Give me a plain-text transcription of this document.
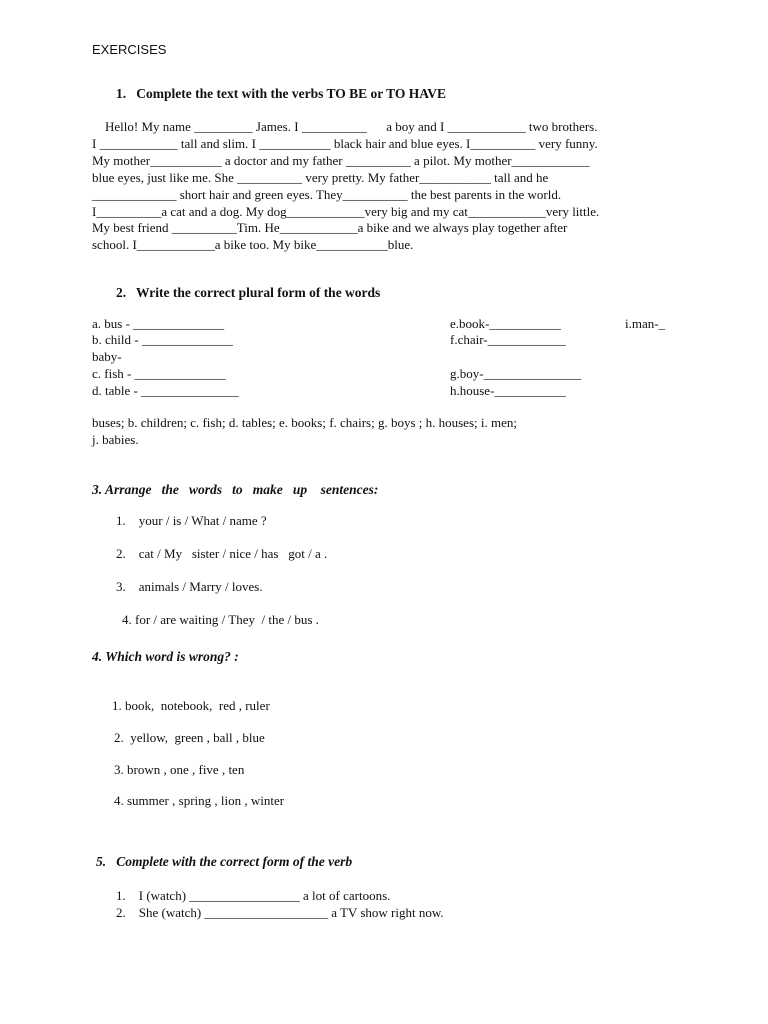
EXERCISES
1.   Complete the text with the verbs TO BE or TO HAVE
Hello! My name _________ James. I __________      a boy and I ____________ two brothers.
I ____________ tall and slim. I ___________ black hair and blue eyes. I__________ very funny.
My mother___________ a doctor and my father __________ a pilot. My mother____________
blue eyes, just like me. She __________ very pretty. My father___________ tall and he
_____________ short hair and green eyes. They__________ the best parents in the world.
I__________a cat and a dog. My dog____________very big and my cat____________very little.
My best friend __________Tim. He____________a bike and we always play together after
school. I____________a bike too. My bike___________blue.
2.   Write the correct plural form of the words
a. bus - ______________
b. child - ______________
baby-
c. fish - ______________
d. table - _______________
e.book-___________
f.chair-____________
g.boy-_______________
h.house-___________
i.man-_
buses; b. children; c. fish; d. tables; e. books; f. chairs; g. boys ; h. houses; i. men;
j. babies.
3. Arrange   the   words   to   make   up    sentences:
1.    your / is / What / name ?
2.    cat / My   sister / nice / has   got / a .
3.    animals / Marry / loves.
4. for / are waiting / They  / the / bus .
4. Which word is wrong? :
1. book,  notebook,  red , ruler
2.  yellow,  green , ball , blue
3. brown , one , five , ten
4. summer , spring , lion , winter
5.   Complete with the correct form of the verb
1.    I (watch) _________________ a lot of cartoons.
2.    She (watch) ___________________ a TV show right now.
